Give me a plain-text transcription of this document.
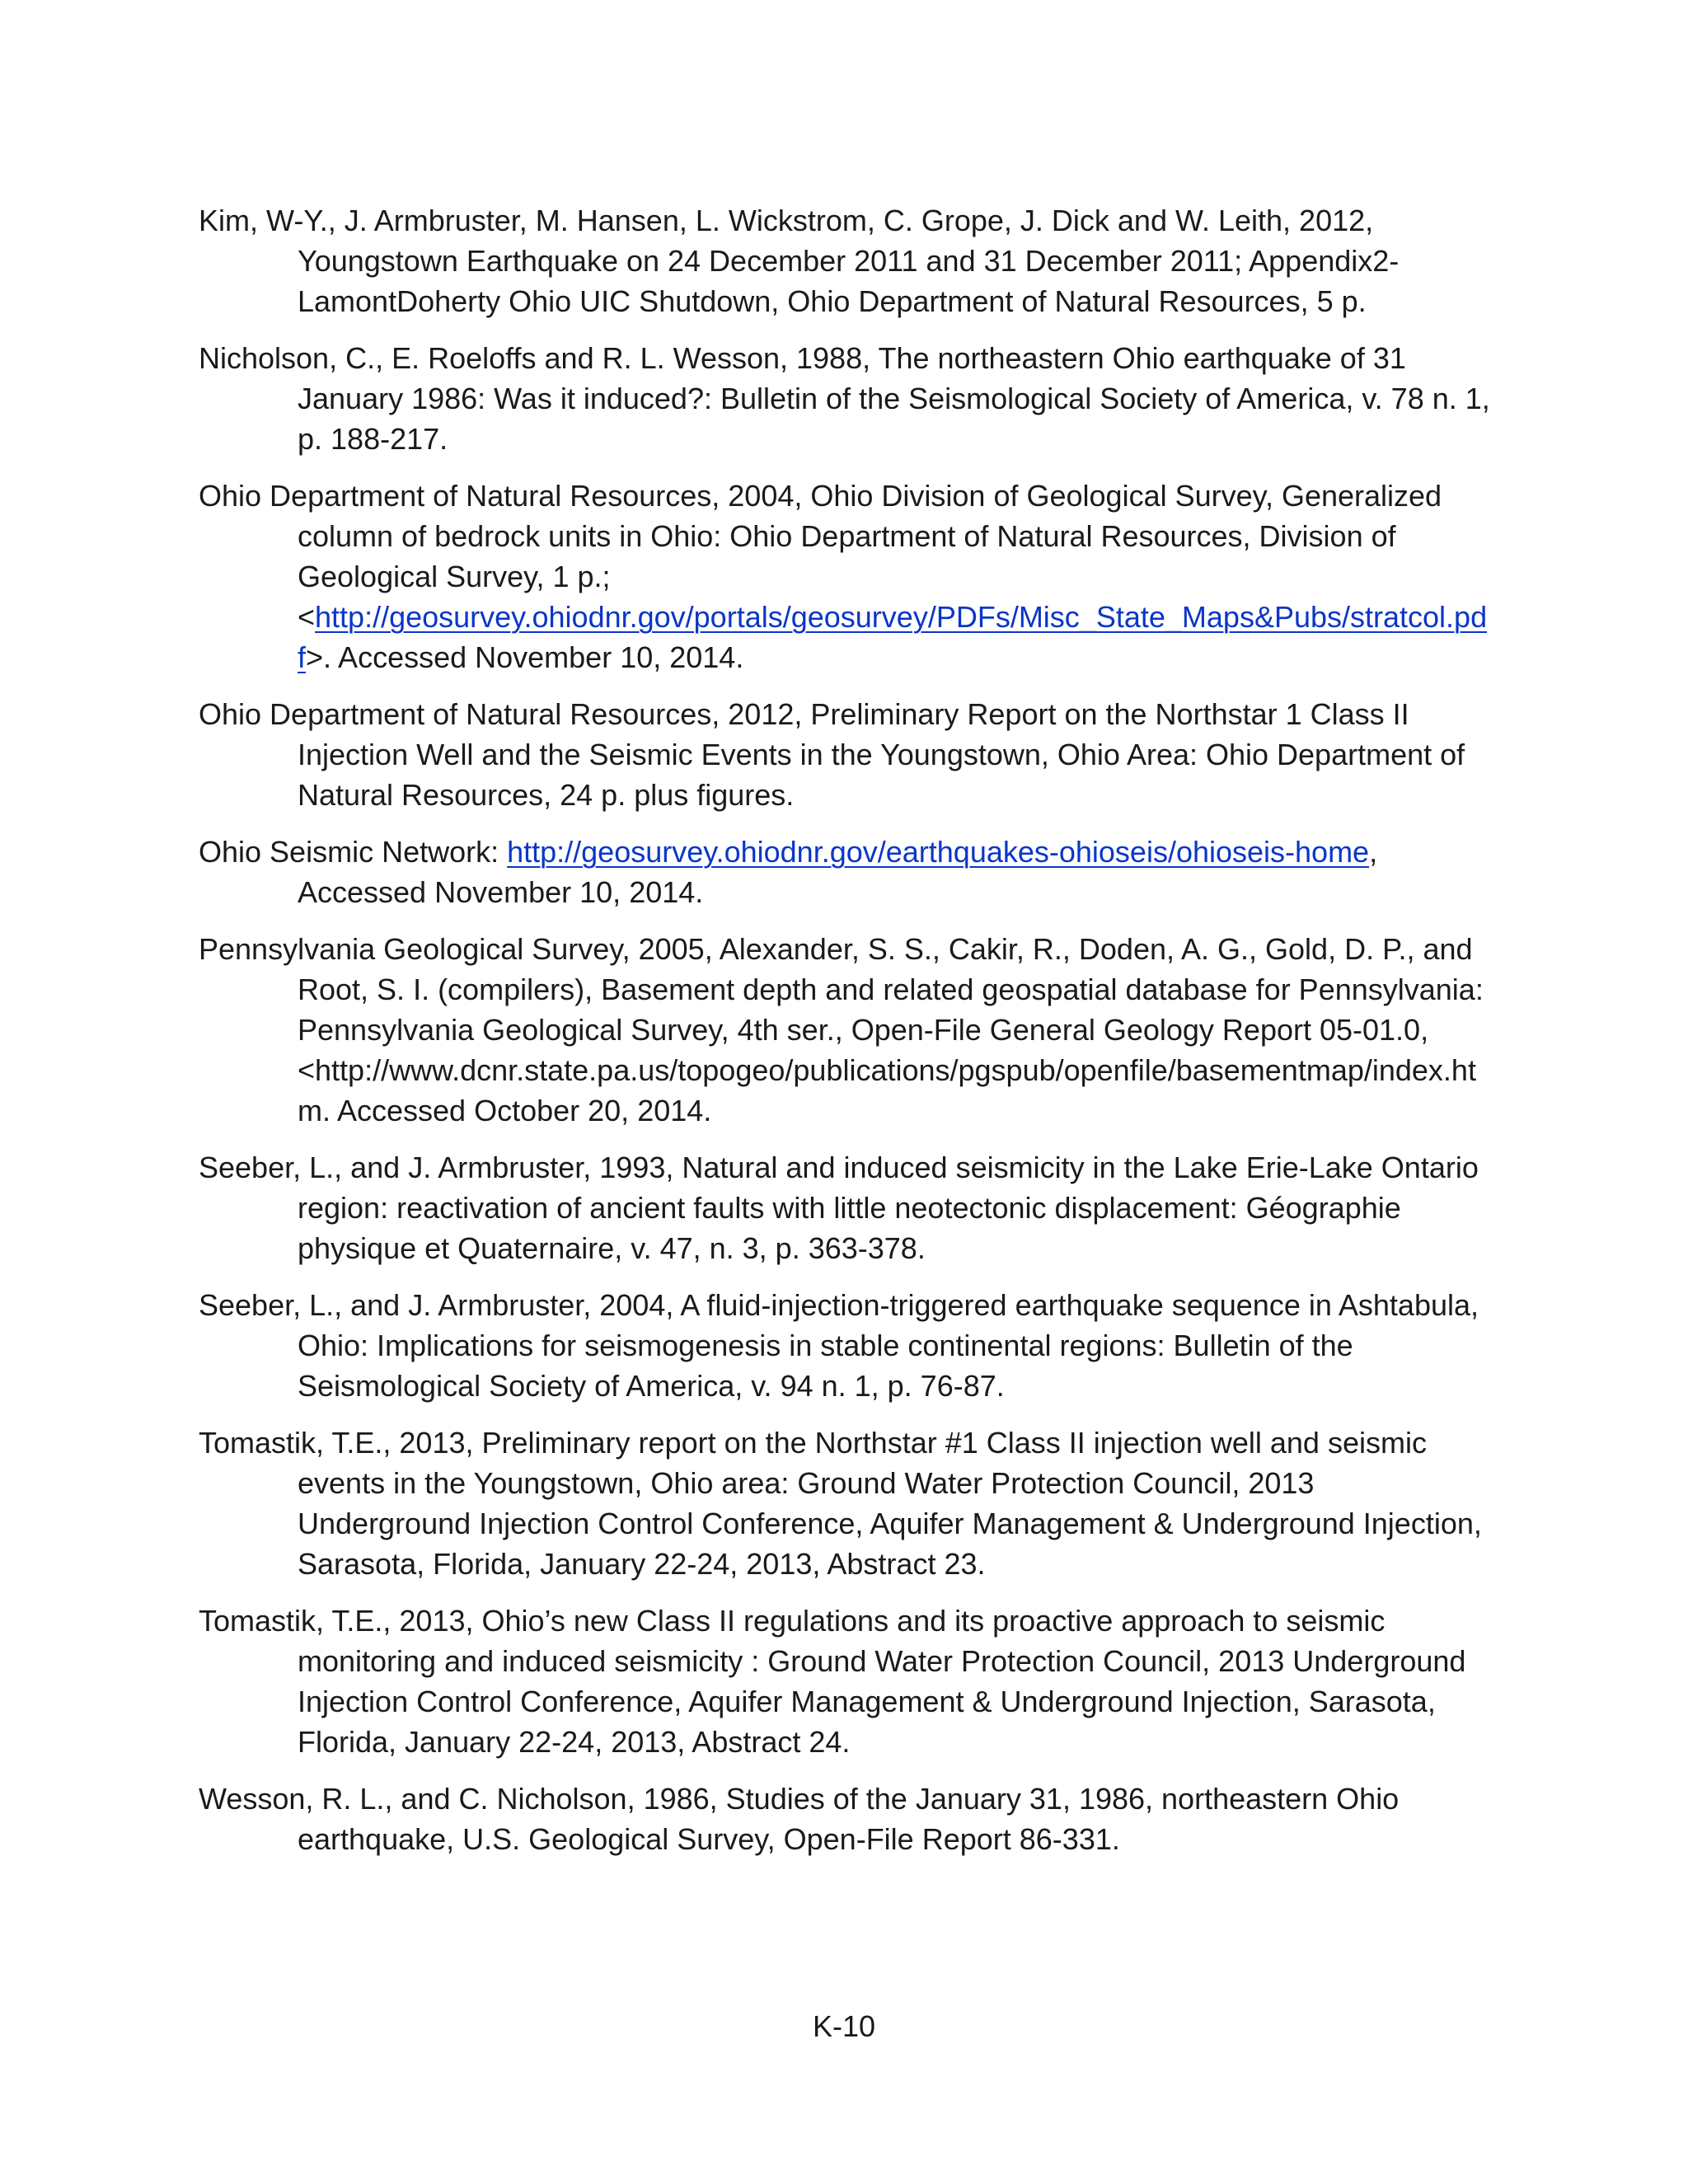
Kim, W-Y., J. Armbruster, M. Hansen, L. Wickstrom, C. Grope, J. Dick and W. Leith, 2012, Youngstown Earthquake on 24 December 2011 and 31 December 2011; Appendix2-LamontDoherty Ohio UIC Shutdown, Ohio Department of Natural Resources, 5 p.
Nicholson, C., E. Roeloffs and R. L. Wesson, 1988, The northeastern Ohio earthquake of 31 January 1986: Was it induced?: Bulletin of the Seismological Society of America, v. 78 n. 1, p. 188-217.
Ohio Department of Natural Resources, 2004, Ohio Division of Geological Survey, Generalized column of bedrock units in Ohio: Ohio Department of Natural Resources, Division of Geological Survey, 1 p.; <http://geosurvey.ohiodnr.gov/portals/geosurvey/PDFs/Misc_State_Maps&Pubs/stratcol.pdf>. Accessed November 10, 2014.
Ohio Department of Natural Resources, 2012, Preliminary Report on the Northstar 1 Class II Injection Well and the Seismic Events in the Youngstown, Ohio Area: Ohio Department of Natural Resources, 24 p. plus figures.
Ohio Seismic Network: http://geosurvey.ohiodnr.gov/earthquakes-ohioseis/ohioseis-home, Accessed November 10, 2014.
Pennsylvania Geological Survey, 2005, Alexander, S. S., Cakir, R., Doden, A. G., Gold, D. P., and Root, S. I. (compilers), Basement depth and related geospatial database for Pennsylvania: Pennsylvania Geological Survey, 4th ser., Open-File General Geology Report 05-01.0, <http://www.dcnr.state.pa.us/topogeo/publications/pgspub/openfile/basementmap/index.htm. Accessed October 20, 2014.
Seeber, L., and J. Armbruster, 1993, Natural and induced seismicity in the Lake Erie-Lake Ontario region: reactivation of ancient faults with little neotectonic displacement: Géographie physique et Quaternaire, v. 47, n. 3, p. 363-378.
Seeber, L., and J. Armbruster, 2004, A fluid-injection-triggered earthquake sequence in Ashtabula, Ohio: Implications for seismogenesis in stable continental regions: Bulletin of the Seismological Society of America, v. 94 n. 1, p. 76-87.
Tomastik, T.E., 2013, Preliminary report on the Northstar #1 Class II injection well and seismic events in the Youngstown, Ohio area: Ground Water Protection Council, 2013 Underground Injection Control Conference, Aquifer Management & Underground Injection, Sarasota, Florida, January 22-24, 2013, Abstract 23.
Tomastik, T.E., 2013, Ohio’s new Class II regulations and its proactive approach to seismic monitoring and induced seismicity : Ground Water Protection Council, 2013 Underground Injection Control Conference, Aquifer Management & Underground Injection, Sarasota, Florida, January 22-24, 2013, Abstract 24.
Wesson, R. L., and C. Nicholson, 1986, Studies of the January 31, 1986, northeastern Ohio earthquake, U.S. Geological Survey, Open-File Report 86-331.
K-10
